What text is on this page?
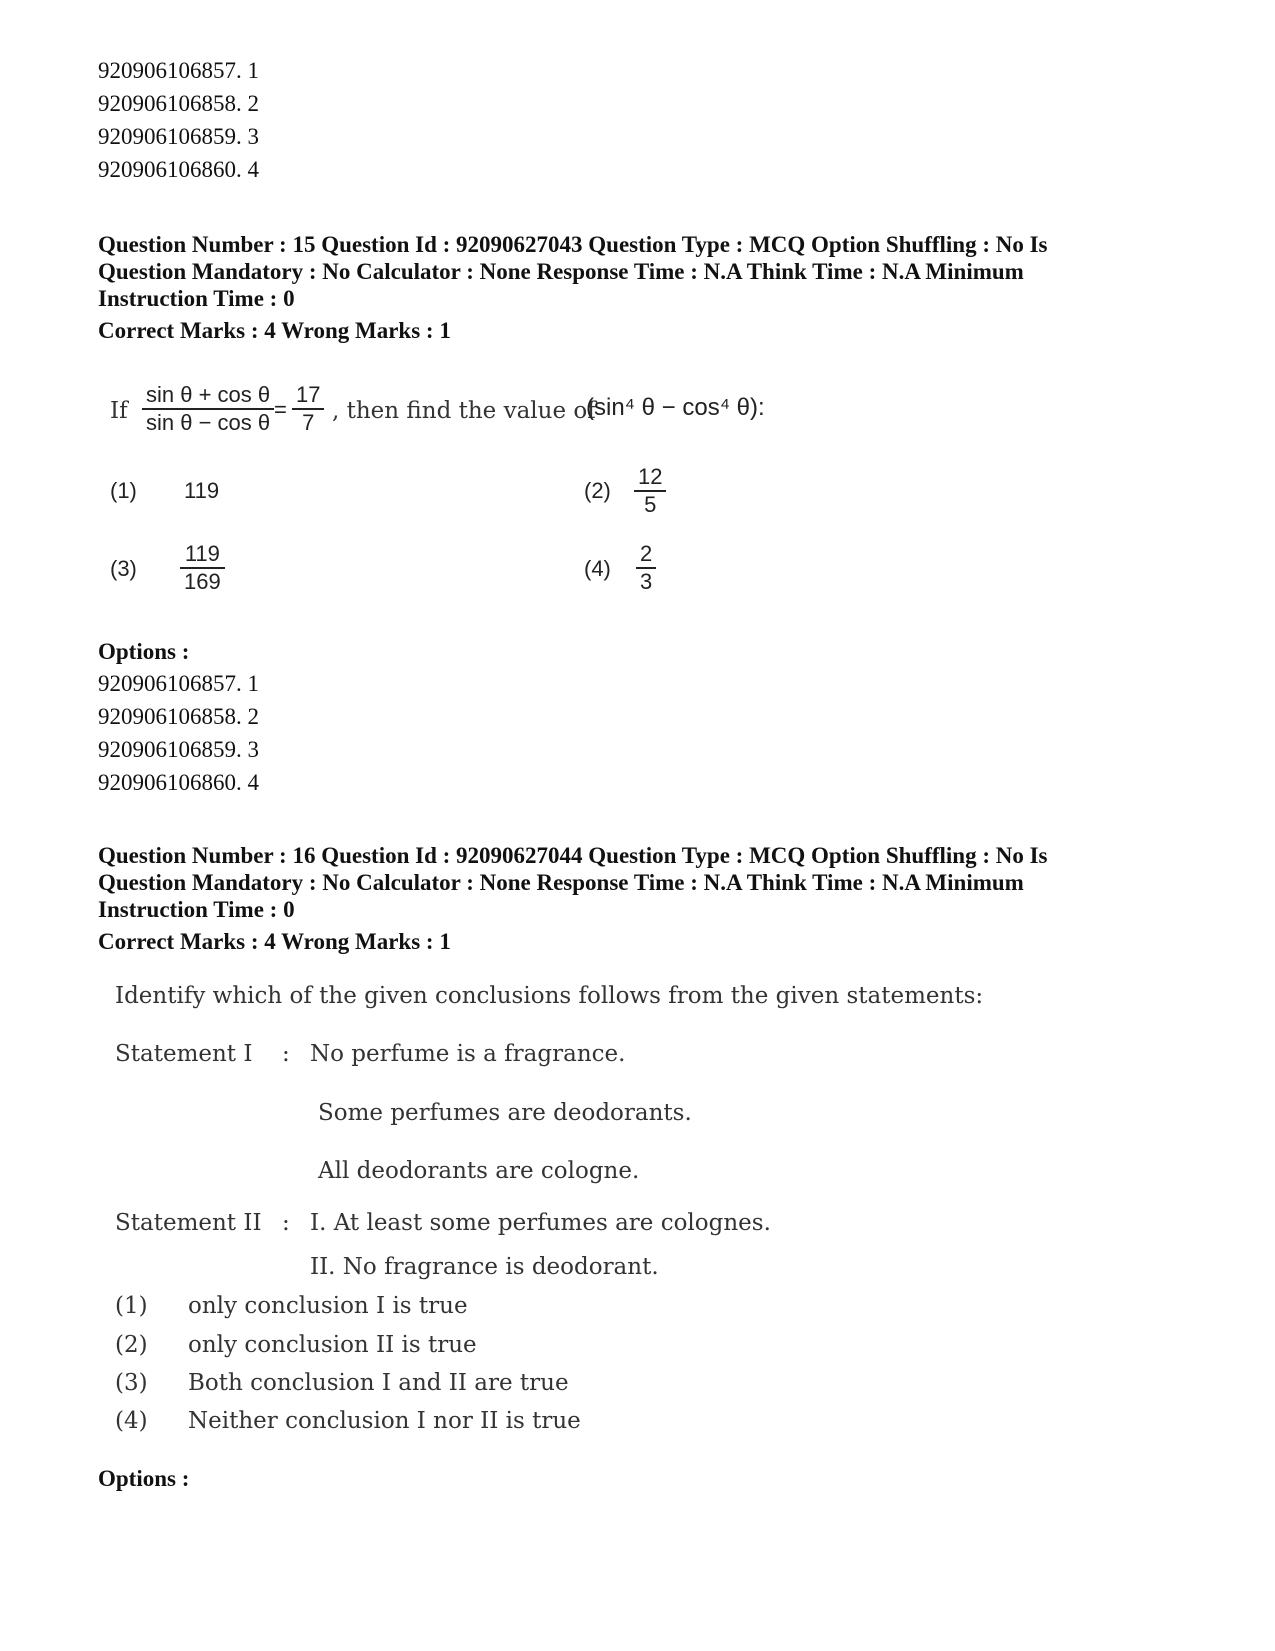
920906106857. 1
920906106858. 2
920906106859. 3
920906106860. 4
Question Number : 15 Question Id : 92090627043 Question Type : MCQ Option Shuffling : No Is
Question Mandatory : No Calculator : None Response Time : N.A Think Time : N.A Minimum
Instruction Time : 0
Correct Marks : 4 Wrong Marks : 1
If
sin θ + cos θ
sin θ − cos θ
=
17
7 , then find the value of
(sin⁴ θ − cos⁴ θ):
(1) 119	(2)
12
5
(3)
119
169
(4)
2
3
Options :
920906106857. 1
920906106858. 2
920906106859. 3
920906106860. 4
Question Number : 16 Question Id : 92090627044 Question Type : MCQ Option Shuffling : No Is
Question Mandatory : No Calculator : None Response Time : N.A Think Time : N.A Minimum
Instruction Time : 0
Correct Marks : 4 Wrong Marks : 1
Identify which of the given conclusions follows from the given statements:
Statement I : No perfume is a fragrance.
Some perfumes are deodorants.
All deodorants are cologne.
Statement II : I. At least some perfumes are colognes.
II. No fragrance is deodorant.
(1) only conclusion I is true
(2) only conclusion II is true
(3) Both conclusion I and II are true
(4) Neither conclusion I nor II is true
Options :
